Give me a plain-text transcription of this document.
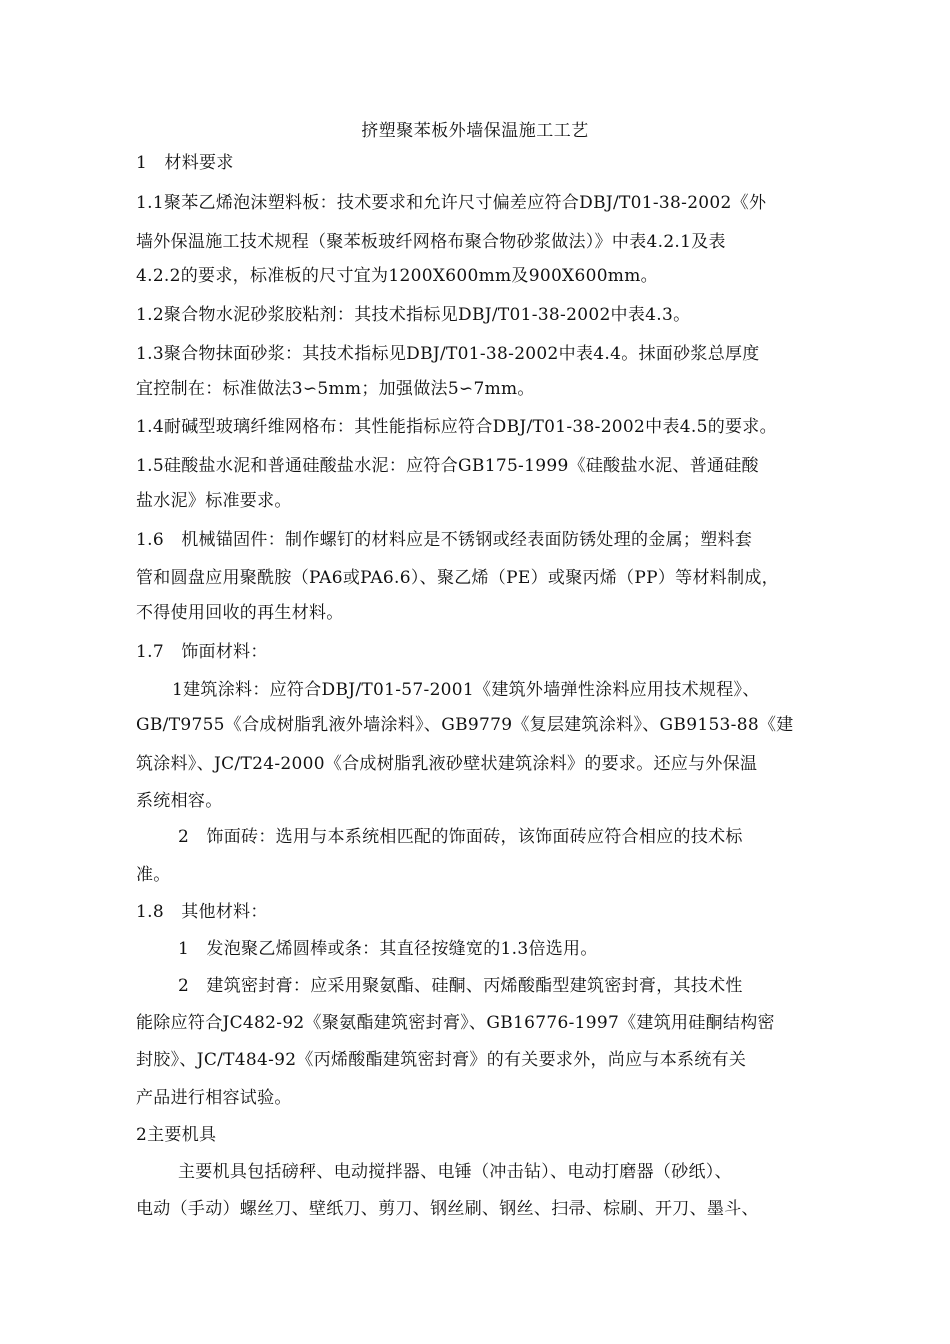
挤塑聚苯板外墙保温施工工艺
1　材料要求
1.1聚苯乙烯泡沫塑料板：技术要求和允许尺寸偏差应符合DBJ/T01-38-2002《外
墙外保温施工技术规程（聚苯板玻纤网格布聚合物砂浆做法）》中表4.2.1及表
4.2.2的要求，标准板的尺寸宜为1200X600mm及900X600mm。
1.2聚合物水泥砂浆胶粘剂：其技术指标见DBJ/T01-38-2002中表4.3。
1.3聚合物抹面砂浆：其技术指标见DBJ/T01-38-2002中表4.4。抹面砂浆总厚度
宜控制在：标准做法3∽5mm；加强做法5∽7mm。
1.4耐碱型玻璃纤维网格布：其性能指标应符合DBJ/T01-38-2002中表4.5的要求。
1.5硅酸盐水泥和普通硅酸盐水泥：应符合GB175-1999《硅酸盐水泥、普通硅酸
盐水泥》标准要求。
1.6　机械锚固件：制作螺钉的材料应是不锈钢或经表面防锈处理的金属；塑料套
管和圆盘应用聚酰胺（PA6或PA6.6）、聚乙烯（PE）或聚丙烯（PP）等材料制成，
不得使用回收的再生材料。
1.7　饰面材料：
1建筑涂料：应符合DBJ/T01-57-2001《建筑外墙弹性涂料应用技术规程》、
GB/T9755《合成树脂乳液外墙涂料》、GB9779《复层建筑涂料》、GB9153-88《建
筑涂料》、JC/T24-2000《合成树脂乳液砂壁状建筑涂料》的要求。还应与外保温
系统相容。
2　饰面砖：选用与本系统相匹配的饰面砖，该饰面砖应符合相应的技术标
准。
1.8　其他材料：
1　发泡聚乙烯圆棒或条：其直径按缝宽的1.3倍选用。
2　建筑密封膏：应采用聚氨酯、硅酮、丙烯酸酯型建筑密封膏，其技术性
能除应符合JC482-92《聚氨酯建筑密封膏》、GB16776-1997《建筑用硅酮结构密
封胶》、JC/T484-92《丙烯酸酯建筑密封膏》的有关要求外，尚应与本系统有关
产品进行相容试验。
2主要机具
主要机具包括磅秤、电动搅拌器、电锤（冲击钻）、电动打磨器（砂纸）、
电动（手动）螺丝刀、壁纸刀、剪刀、钢丝刷、钢丝、扫帚、棕刷、开刀、墨斗、
